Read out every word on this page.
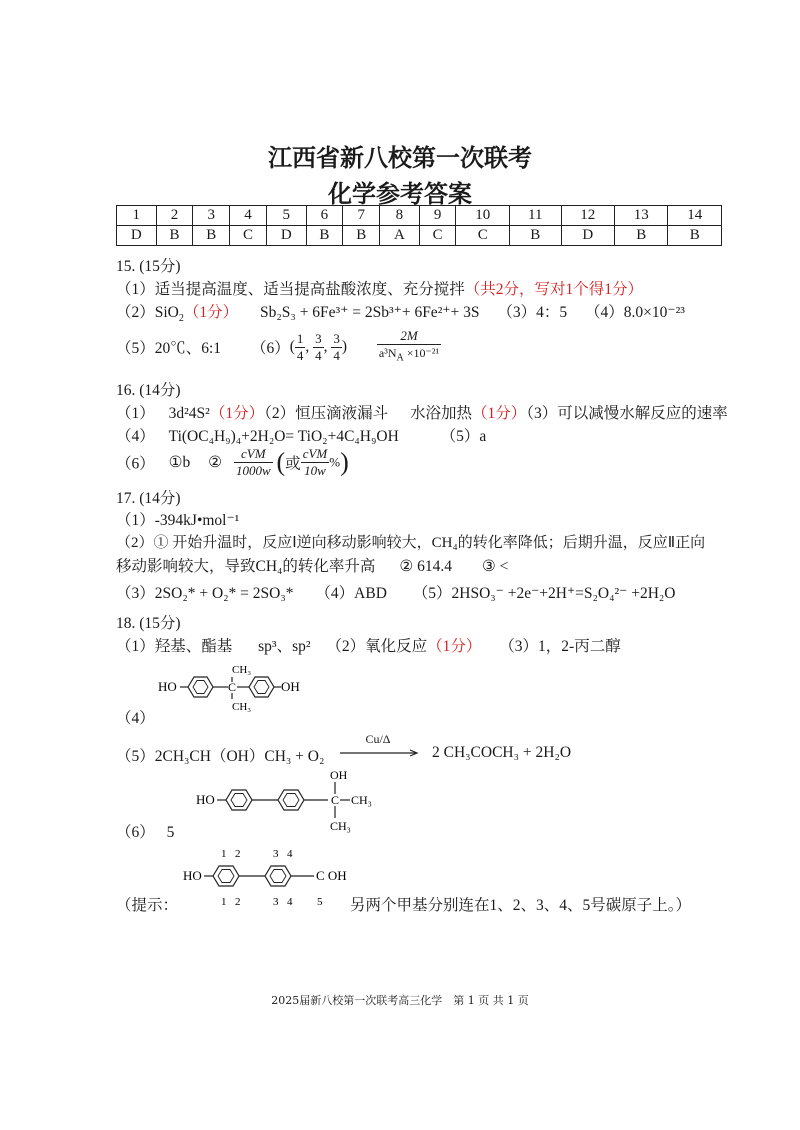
江西省新八校第一次联考
化学参考答案
1	2	3	4	5	6	7	8	9	10	11	12	13	14
D	B	B	C	D	B	B	A	C	C	B	D	B	B
15. (15分)
（1）适当提高温度、适当提高盐酸浓度、充分搅拌（共2分，写对1个得1分）
（2）SiO$_2$（1分） Sb₂S₃ + 6Fe³⁺ = 2Sb³⁺+ 6Fe²⁺+ 3S （3）4：5 （4）8.0×10⁻²³
（5）20℃、6:1 $(6)( \frac{1}{4}$ , $\frac{3}{4}$ , $\frac{3}{4}$ ) $\frac{2M}{a^3N_A \times 10^{-21}}$
16. (14分)
（1） 3d²4S²（1分）（2）恒压滴液漏斗 水浴加热（1分）（3）可以减慢水解反应的速率
（4） Ti(OC₄H₉)₄+2H₂O= TiO₂+4C₄H₉OH	（5）a
（6） ①b ② $\frac{\text{cVM}}{1000w}$ (或 $\frac{\text{cVM}}{10w}$ %)
17. (14分)
（1）-394kJ•mol⁻¹
（2）① 开始升温时，反应Ⅰ逆向移动影响较大，CH₄的转化率降低；后期升温，反应Ⅱ正向
移动影响较大，导致CH₄的转化率升高 ② 614.4 ③ <
（3）2SO₂* + O₂* = 2SO₃* （4）ABD （5）2HSO₃⁻ +2e⁻+2H⁺=S₂O₄²⁻ +2H₂O
18. (15分)
（1）羟基、酯基 sp³、sp² （2）氧化反应（1分） （3）1，2-丙二醇
HO	C
CH₃
CH₃
OH
（4）
（5）2CH₃CH（OH）CH₃ + O₂
Cu/Δ
2 CH₃COCH₃ + 2H₂O
HO	C
OH
CH₃
CH₃
（6） 5
1 2	3 4
HO	C OH
1 2	3 4 5
（提示：	另两个甲基分别连在1、2、3、4、5号碳原子上。）
2025届新八校第一次联考高三化学　第 1 页 共 1 页
